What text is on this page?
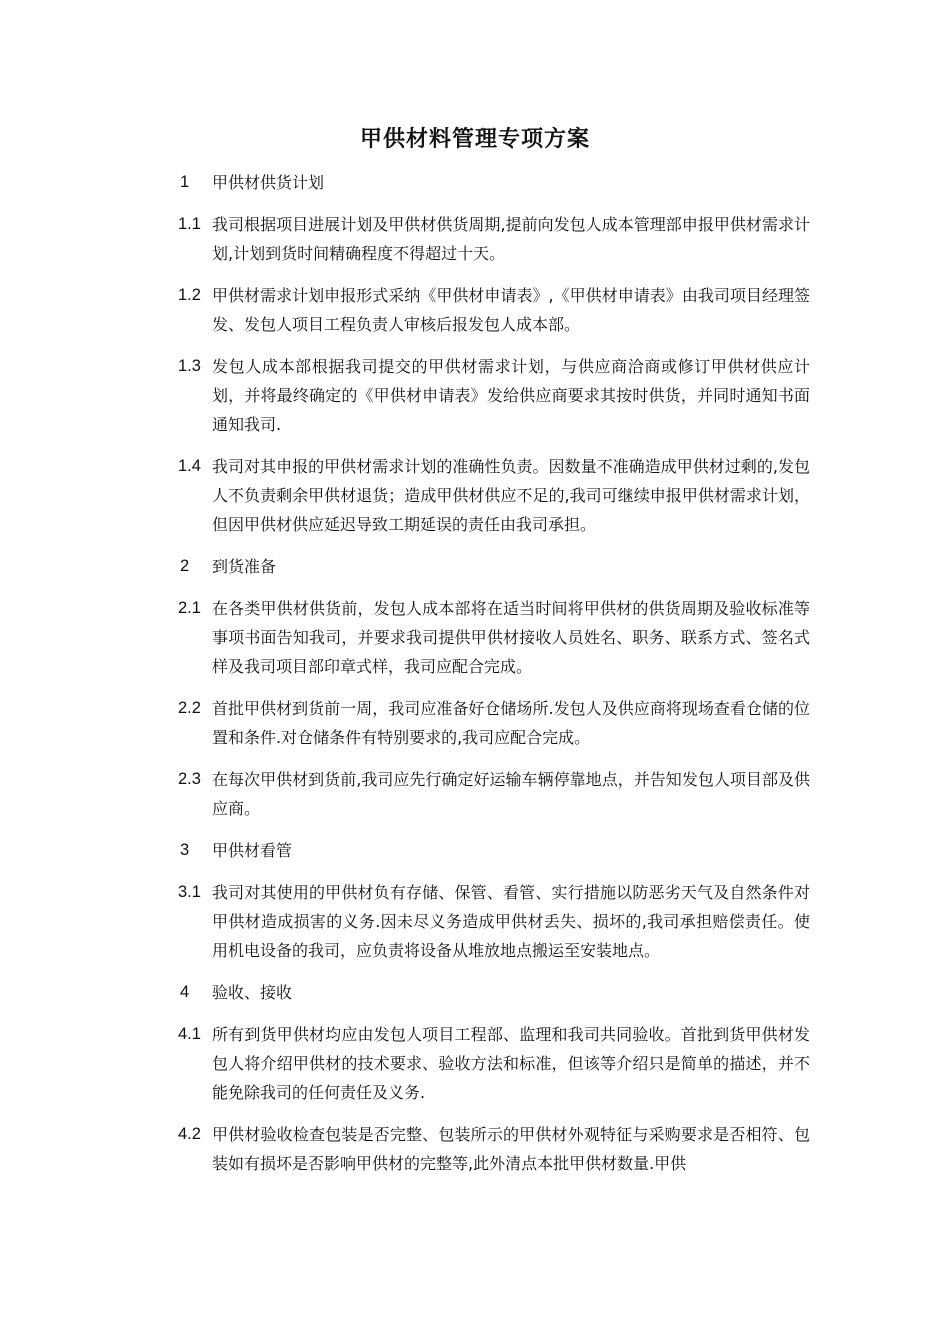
甲供材料管理专项方案
1	甲供材供货计划
1.1 我司根据项目进展计划及甲供材供货周期,提前向发包人成本管理部申报甲供材需求计划,计划到货时间精确程度不得超过十天。
1.2 甲供材需求计划申报形式采纳《甲供材申请表》,《甲供材申请表》由我司项目经理签发、发包人项目工程负责人审核后报发包人成本部。
1.3 发包人成本部根据我司提交的甲供材需求计划，与供应商洽商或修订甲供材供应计划，并将最终确定的《甲供材申请表》发给供应商要求其按时供货，并同时通知书面通知我司.
1.4 我司对其申报的甲供材需求计划的准确性负责。因数量不准确造成甲供材过剩的,发包人不负责剩余甲供材退货；造成甲供材供应不足的,我司可继续申报甲供材需求计划，但因甲供材供应延迟导致工期延误的责任由我司承担。
2	到货准备
2.1 在各类甲供材供货前，发包人成本部将在适当时间将甲供材的供货周期及验收标准等事项书面告知我司，并要求我司提供甲供材接收人员姓名、职务、联系方式、签名式样及我司项目部印章式样，我司应配合完成。
2.2 首批甲供材到货前一周，我司应准备好仓储场所.发包人及供应商将现场查看仓储的位置和条件.对仓储条件有特别要求的,我司应配合完成。
2.3 在每次甲供材到货前,我司应先行确定好运输车辆停靠地点，并告知发包人项目部及供应商。
3	甲供材看管
3.1 我司对其使用的甲供材负有存储、保管、看管、实行措施以防恶劣天气及自然条件对甲供材造成损害的义务.因未尽义务造成甲供材丢失、损坏的,我司承担赔偿责任。使用机电设备的我司，应负责将设备从堆放地点搬运至安装地点。
4	验收、接收
4.1 所有到货甲供材均应由发包人项目工程部、监理和我司共同验收。首批到货甲供材发包人将介绍甲供材的技术要求、验收方法和标准，但该等介绍只是简单的描述，并不能免除我司的任何责任及义务.
4.2 甲供材验收检查包装是否完整、包装所示的甲供材外观特征与采购要求是否相符、包装如有损坏是否影响甲供材的完整等,此外清点本批甲供材数量.甲供
